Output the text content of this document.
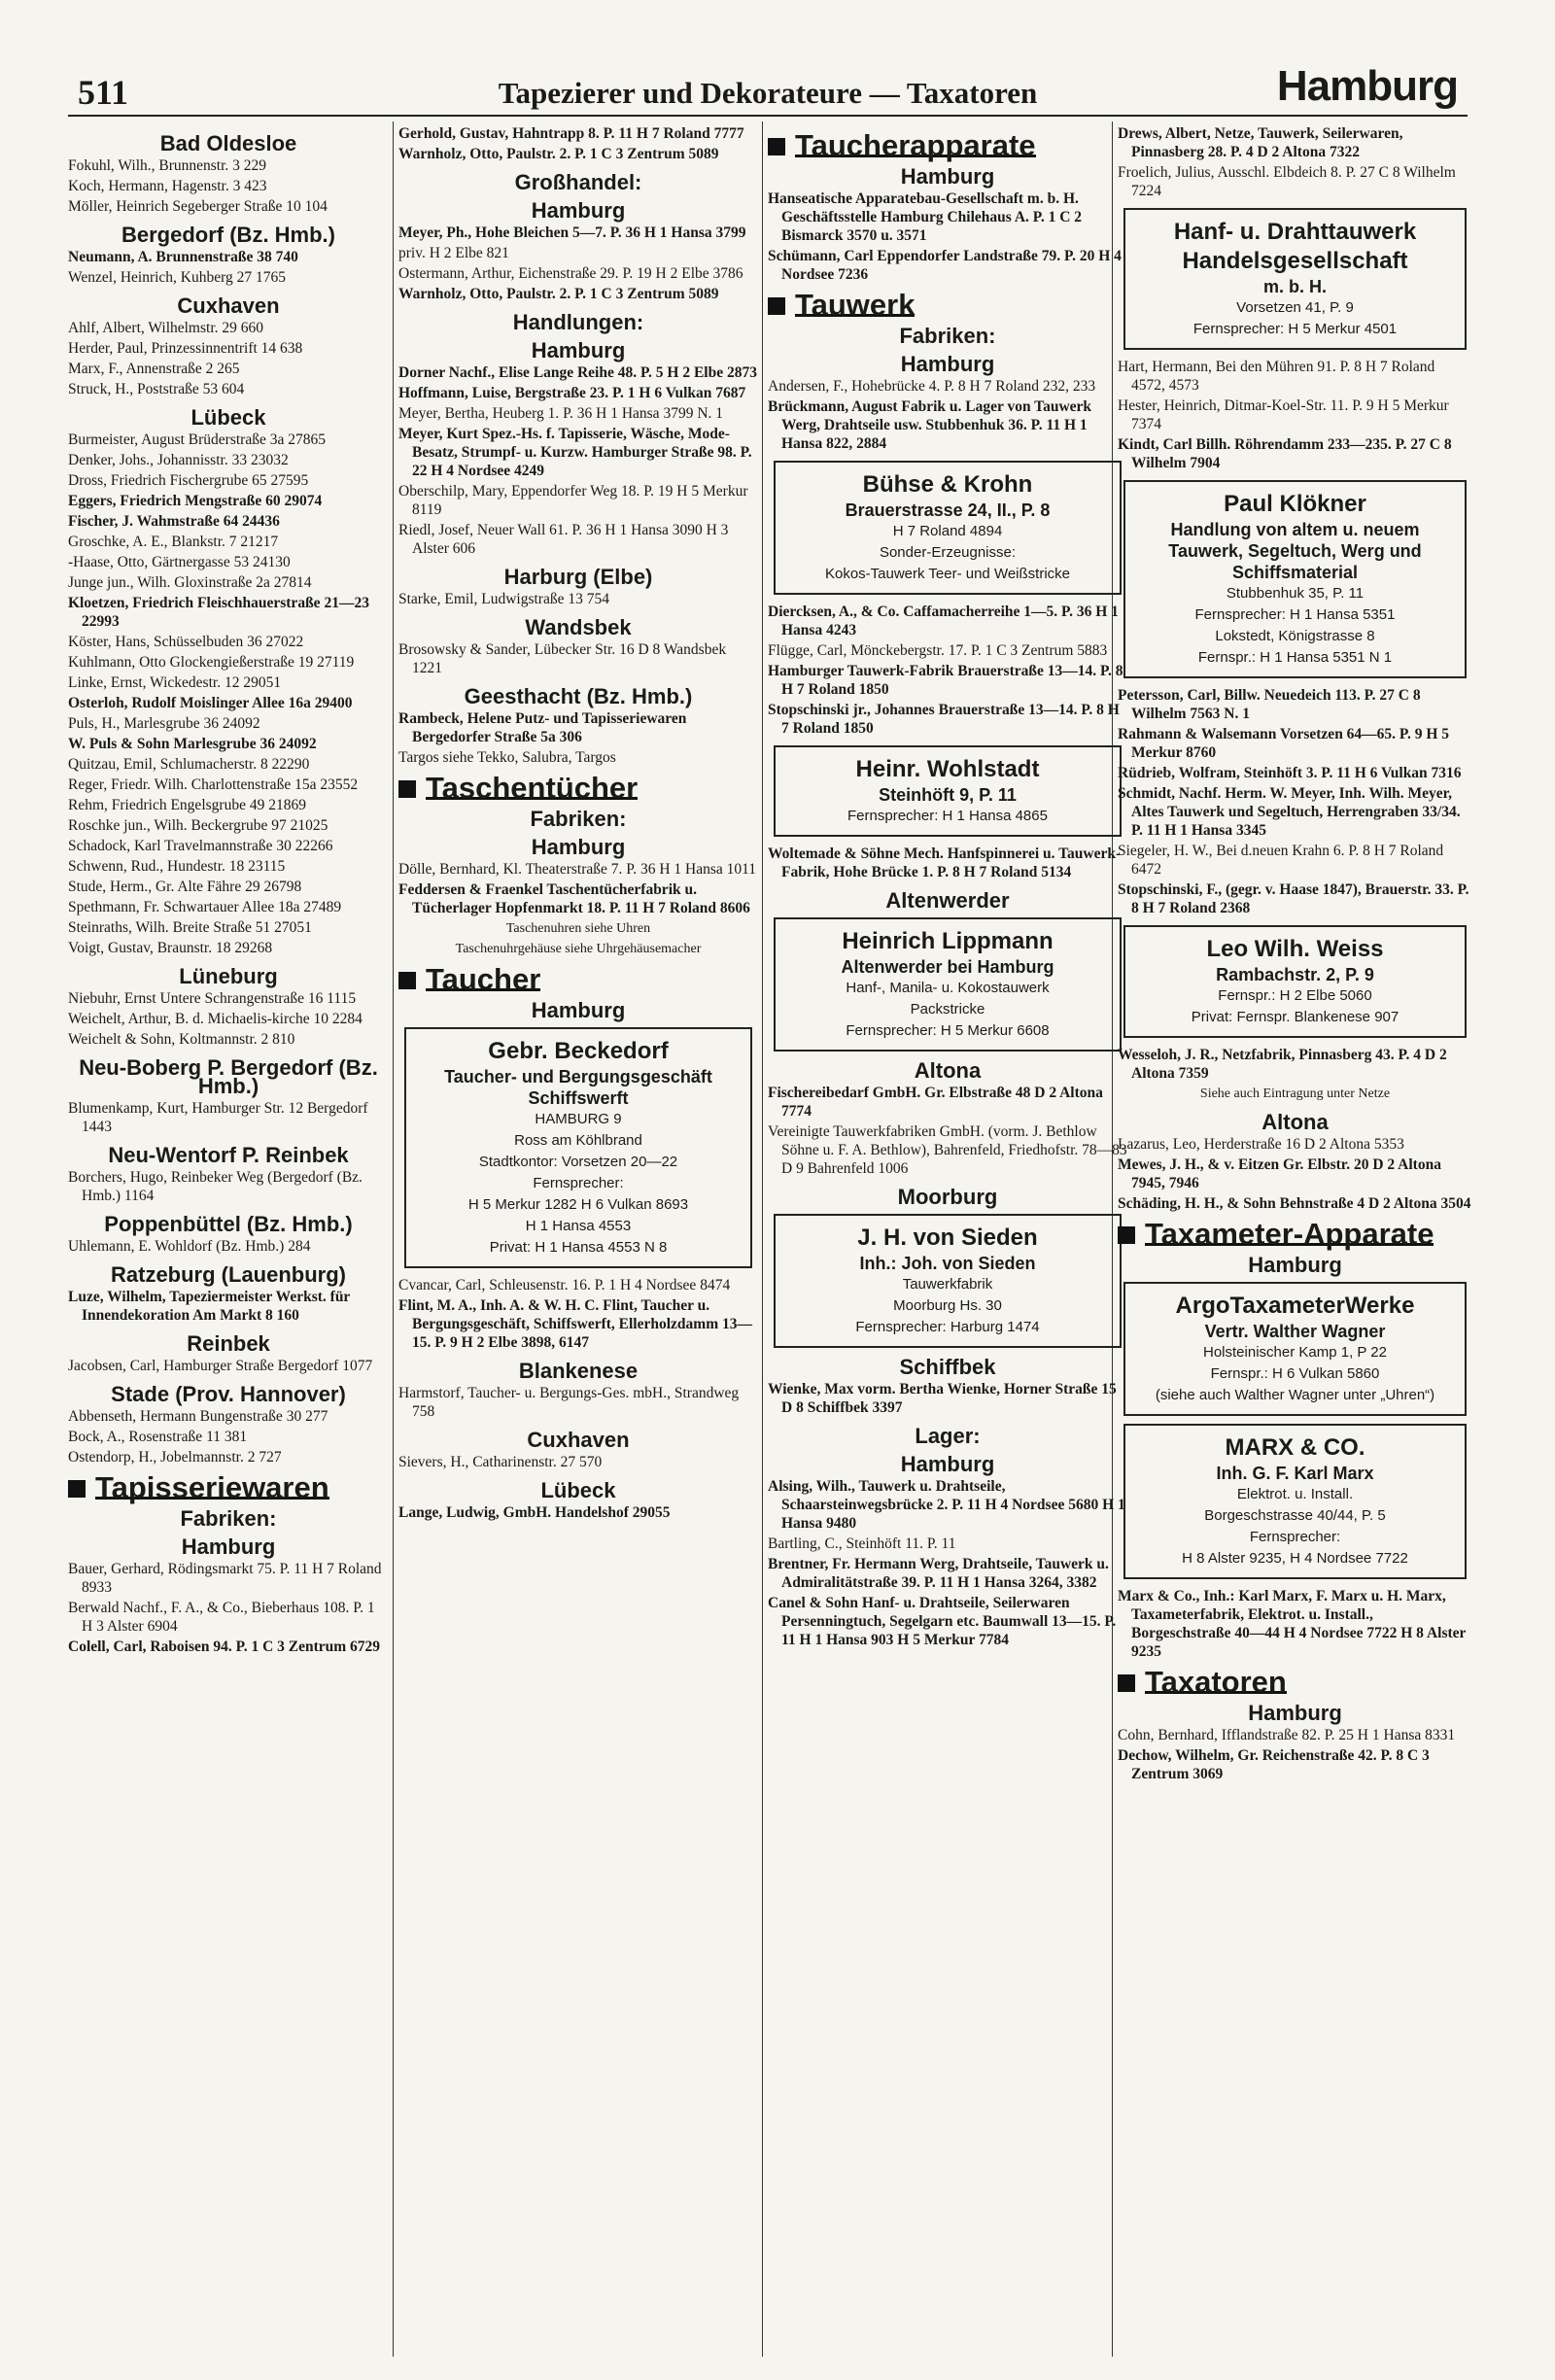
511	Tapezierer und Dekorateure — Taxatoren	Hamburg
Bad Oldesloe
Fokuhl, Wilh., Brunnenstr. 3 229
Koch, Hermann, Hagenstr. 3 423
Möller, Heinrich Segeberger Straße 10 104
Bergedorf (Bz. Hmb.)
Neumann, A. Brunnenstraße 38 740
Wenzel, Heinrich, Kuhberg 27 1765
Cuxhaven
Ahlf, Albert, Wilhelmstr. 29 660
Herder, Paul, Prinzessinnentrift 14 638
Marx, F., Annenstraße 2 265
Struck, H., Poststraße 53 604
Lübeck
Burmeister, August Brüderstraße 3a 27865
Denker, Johs., Johannisstr. 33 23032
Dross, Friedrich Fischergrube 65 27595
Eggers, Friedrich Mengstraße 60 29074
Fischer, J. Wahmstraße 64 24436
Groschke, A. E., Blankstr. 7 21217
-Haase, Otto, Gärtnergasse 53 24130
Junge jun., Wilh. Gloxinstraße 2a 27814
Kloetzen, Friedrich Fleischhauerstraße 21—23 22993
Köster, Hans, Schüsselbuden 36 27022
Kuhlmann, Otto Glockengießerstraße 19 27119
Linke, Ernst, Wickedestr. 12 29051
Osterloh, Rudolf Moislinger Allee 16a 29400
Puls, H., Marlesgrube 36 24092
W. Puls & Sohn Marlesgrube 36 24092
Quitzau, Emil, Schlumacherstr. 8 22290
Reger, Friedr. Wilh. Charlottenstraße 15a 23552
Rehm, Friedrich Engelsgrube 49 21869
Roschke jun., Wilh. Beckergrube 97 21025
Schadock, Karl Travelmannstraße 30 22266
Schwenn, Rud., Hundestr. 18 23115
Stude, Herm., Gr. Alte Fähre 29 26798
Spethmann, Fr. Schwartauer Allee 18a 27489
Steinraths, Wilh. Breite Straße 51 27051
Voigt, Gustav, Braunstr. 18 29268
Lüneburg
Niebuhr, Ernst Untere Schrangenstraße 16 1115
Weichelt, Arthur, B. d. Michaelis-kirche 10 2284
Weichelt & Sohn, Koltmannstr. 2 810
Neu-Boberg P. Bergedorf (Bz. Hmb.)
Blumenkamp, Kurt, Hamburger Str. 12 Bergedorf 1443
Neu-Wentorf P. Reinbek
Borchers, Hugo, Reinbeker Weg (Bergedorf (Bz. Hmb.) 1164
Poppenbüttel (Bz. Hmb.)
Uhlemann, E. Wohldorf (Bz. Hmb.) 284
Ratzeburg (Lauenburg)
Luze, Wilhelm, Tapeziermeister Werkst. für Innendekoration Am Markt 8 160
Reinbek
Jacobsen, Carl, Hamburger Straße Bergedorf 1077
Stade (Prov. Hannover)
Abbenseth, Hermann Bungenstraße 30 277
Bock, A., Rosenstraße 11 381
Ostendorp, H., Jobelmannstr. 2 727
Tapisseriewaren
Fabriken:
Hamburg
Bauer, Gerhard, Rödingsmarkt 75. P. 11 H 7 Roland 8933
Berwald Nachf., F. A., & Co., Bieberhaus 108. P. 1 H 3 Alster 6904
Colell, Carl, Raboisen 94. P. 1 C 3 Zentrum 6729
Gerhold, Gustav, Hahntrapp 8. P. 11 H 7 Roland 7777
Warnholz, Otto, Paulstr. 2. P. 1 C 3 Zentrum 5089
Großhandel:
Hamburg
Meyer, Ph., Hohe Bleichen 5—7. P. 36 H 1 Hansa 3799
priv. H 2 Elbe 821
Ostermann, Arthur, Eichenstraße 29. P. 19 H 2 Elbe 3786
Warnholz, Otto, Paulstr. 2. P. 1 C 3 Zentrum 5089
Handlungen:
Hamburg
Dorner Nachf., Elise Lange Reihe 48. P. 5 H 2 Elbe 2873
Hoffmann, Luise, Bergstraße 23. P. 1 H 6 Vulkan 7687
Meyer, Bertha, Heuberg 1. P. 36 H 1 Hansa 3799 N. 1
Meyer, Kurt Spez.-Hs. f. Tapisserie, Wäsche, Mode-Besatz, Strumpf- u. Kurzw. Hamburger Straße 98. P. 22 H 4 Nordsee 4249
Oberschilp, Mary, Eppendorfer Weg 18. P. 19 H 5 Merkur 8119
Riedl, Josef, Neuer Wall 61. P. 36 H 1 Hansa 3090 H 3 Alster 606
Harburg (Elbe)
Starke, Emil, Ludwigstraße 13 754
Wandsbek
Brosowsky & Sander, Lübecker Str. 16 D 8 Wandsbek 1221
Geesthacht (Bz. Hmb.)
Rambeck, Helene Putz- und Tapisseriewaren Bergedorfer Straße 5a 306
Targos siehe Tekko, Salubra, Targos
Taschentücher
Fabriken:
Hamburg
Dölle, Bernhard, Kl. Theaterstraße 7. P. 36 H 1 Hansa 1011
Feddersen & Fraenkel Taschentücherfabrik u. Tücherlager Hopfenmarkt 18. P. 11 H 7 Roland 8606
Taschenuhren siehe Uhren
Taschenuhrgehäuse siehe Uhrgehäusemacher
Taucher
Hamburg
Gebr. Beckedorf
Taucher- und Bergungsgeschäft Schiffswerft
HAMBURG 9
Ross am Köhlbrand
Stadtkontor: Vorsetzen 20—22
Fernsprecher:
H 5 Merkur 1282 H 6 Vulkan 8693
H 1 Hansa 4553
Privat: H 1 Hansa 4553 N 8
Cvancar, Carl, Schleusenstr. 16. P. 1 H 4 Nordsee 8474
Flint, M. A., Inh. A. & W. H. C. Flint, Taucher u. Bergungsgeschäft, Schiffswerft, Ellerholzdamm 13—15. P. 9 H 2 Elbe 3898, 6147
Blankenese
Harmstorf, Taucher- u. Bergungs-Ges. mbH., Strandweg 758
Cuxhaven
Sievers, H., Catharinenstr. 27 570
Lübeck
Lange, Ludwig, GmbH. Handelshof 29055
Taucherapparate
Hamburg
Hanseatische Apparatebau-Gesellschaft m. b. H. Geschäftsstelle Hamburg Chilehaus A. P. 1 C 2 Bismarck 3570 u. 3571
Schümann, Carl Eppendorfer Landstraße 79. P. 20 H 4 Nordsee 7236
Tauwerk
Fabriken:
Hamburg
Andersen, F., Hohebrücke 4. P. 8 H 7 Roland 232, 233
Brückmann, August Fabrik u. Lager von Tauwerk Werg, Drahtseile usw. Stubbenhuk 36. P. 11 H 1 Hansa 822, 2884
Bühse & Krohn
Brauerstrasse 24, II., P. 8
H 7 Roland 4894
Sonder-Erzeugnisse:
Kokos-Tauwerk Teer- und Weißstricke
Diercksen, A., & Co. Caffamacherreihe 1—5. P. 36 H 1 Hansa 4243
Flügge, Carl, Mönckebergstr. 17. P. 1 C 3 Zentrum 5883
Hamburger Tauwerk-Fabrik Brauerstraße 13—14. P. 8 H 7 Roland 1850
Stopschinski jr., Johannes Brauerstraße 13—14. P. 8 H 7 Roland 1850
Heinr. Wohlstadt
Steinhöft 9, P. 11
Fernsprecher: H 1 Hansa 4865
Woltemade & Söhne Mech. Hanfspinnerei u. Tauwerk-Fabrik, Hohe Brücke 1. P. 8 H 7 Roland 5134
Altenwerder
Heinrich Lippmann
Altenwerder bei Hamburg
Hanf-, Manila- u. Kokostauwerk
Packstricke
Fernsprecher: H 5 Merkur 6608
Altona
Fischereibedarf GmbH. Gr. Elbstraße 48 D 2 Altona 7774
Vereinigte Tauwerkfabriken GmbH. (vorm. J. Bethlow Söhne u. F. A. Bethlow), Bahrenfeld, Friedhofstr. 78—83 D 9 Bahrenfeld 1006
Moorburg
J. H. von Sieden
Inh.: Joh. von Sieden
Tauwerkfabrik
Moorburg Hs. 30
Fernsprecher: Harburg 1474
Schiffbek
Wienke, Max vorm. Bertha Wienke, Horner Straße 15 D 8 Schiffbek 3397
Lager:
Hamburg
Alsing, Wilh., Tauwerk u. Drahtseile, Schaarsteinwegsbrücke 2. P. 11 H 4 Nordsee 5680 H 1 Hansa 9480
Bartling, C., Steinhöft 11. P. 11
Brentner, Fr. Hermann Werg, Drahtseile, Tauwerk u. Admiralitätstraße 39. P. 11 H 1 Hansa 3264, 3382
Canel & Sohn Hanf- u. Drahtseile, Seilerwaren Persenningtuch, Segelgarn etc. Baumwall 13—15. P. 11 H 1 Hansa 903 H 5 Merkur 7784
Drews, Albert, Netze, Tauwerk, Seilerwaren, Pinnasberg 28. P. 4 D 2 Altona 7322
Froelich, Julius, Ausschl. Elbdeich 8. P. 27 C 8 Wilhelm 7224
Hanf- u. Drahttauwerk Handelsgesellschaft
m. b. H.
Vorsetzen 41, P. 9
Fernsprecher: H 5 Merkur 4501
Hart, Hermann, Bei den Mühren 91. P. 8 H 7 Roland 4572, 4573
Hester, Heinrich, Ditmar-Koel-Str. 11. P. 9 H 5 Merkur 7374
Kindt, Carl Billh. Röhrendamm 233—235. P. 27 C 8 Wilhelm 7904
Paul Klökner
Handlung von altem u. neuem Tauwerk, Segeltuch, Werg und Schiffsmaterial
Stubbenhuk 35, P. 11
Fernsprecher: H 1 Hansa 5351
Lokstedt, Königstrasse 8
Fernspr.: H 1 Hansa 5351 N 1
Petersson, Carl, Billw. Neuedeich 113. P. 27 C 8 Wilhelm 7563 N. 1
Rahmann & Walsemann Vorsetzen 64—65. P. 9 H 5 Merkur 8760
Rüdrieb, Wolfram, Steinhöft 3. P. 11 H 6 Vulkan 7316
Schmidt, Nachf. Herm. W. Meyer, Inh. Wilh. Meyer, Altes Tauwerk und Segeltuch, Herrengraben 33/34. P. 11 H 1 Hansa 3345
Siegeler, H. W., Bei d.neuen Krahn 6. P. 8 H 7 Roland 6472
Stopschinski, F., (gegr. v. Haase 1847), Brauerstr. 33. P. 8 H 7 Roland 2368
Leo Wilh. Weiss
Rambachstr. 2, P. 9
Fernspr.: H 2 Elbe 5060
Privat: Fernspr. Blankenese 907
Wesseloh, J. R., Netzfabrik, Pinnasberg 43. P. 4 D 2 Altona 7359
Siehe auch Eintragung unter Netze
Altona
Lazarus, Leo, Herderstraße 16 D 2 Altona 5353
Mewes, J. H., & v. Eitzen Gr. Elbstr. 20 D 2 Altona 7945, 7946
Schäding, H. H., & Sohn Behnstraße 4 D 2 Altona 3504
Taxameter-Apparate
Hamburg
ArgoTaxameterWerke
Vertr. Walther Wagner
Holsteinischer Kamp 1, P 22
Fernspr.: H 6 Vulkan 5860
(siehe auch Walther Wagner unter „Uhren“)
MARX & CO.
Inh. G. F. Karl Marx
Elektrot. u. Install.
Borgeschstrasse 40/44, P. 5
Fernsprecher:
H 8 Alster 9235, H 4 Nordsee 7722
Marx & Co., Inh.: Karl Marx, F. Marx u. H. Marx, Taxameterfabrik, Elektrot. u. Install., Borgeschstraße 40—44 H 4 Nordsee 7722 H 8 Alster 9235
Taxatoren
Hamburg
Cohn, Bernhard, Ifflandstraße 82. P. 25 H 1 Hansa 8331
Dechow, Wilhelm, Gr. Reichenstraße 42. P. 8 C 3 Zentrum 3069
